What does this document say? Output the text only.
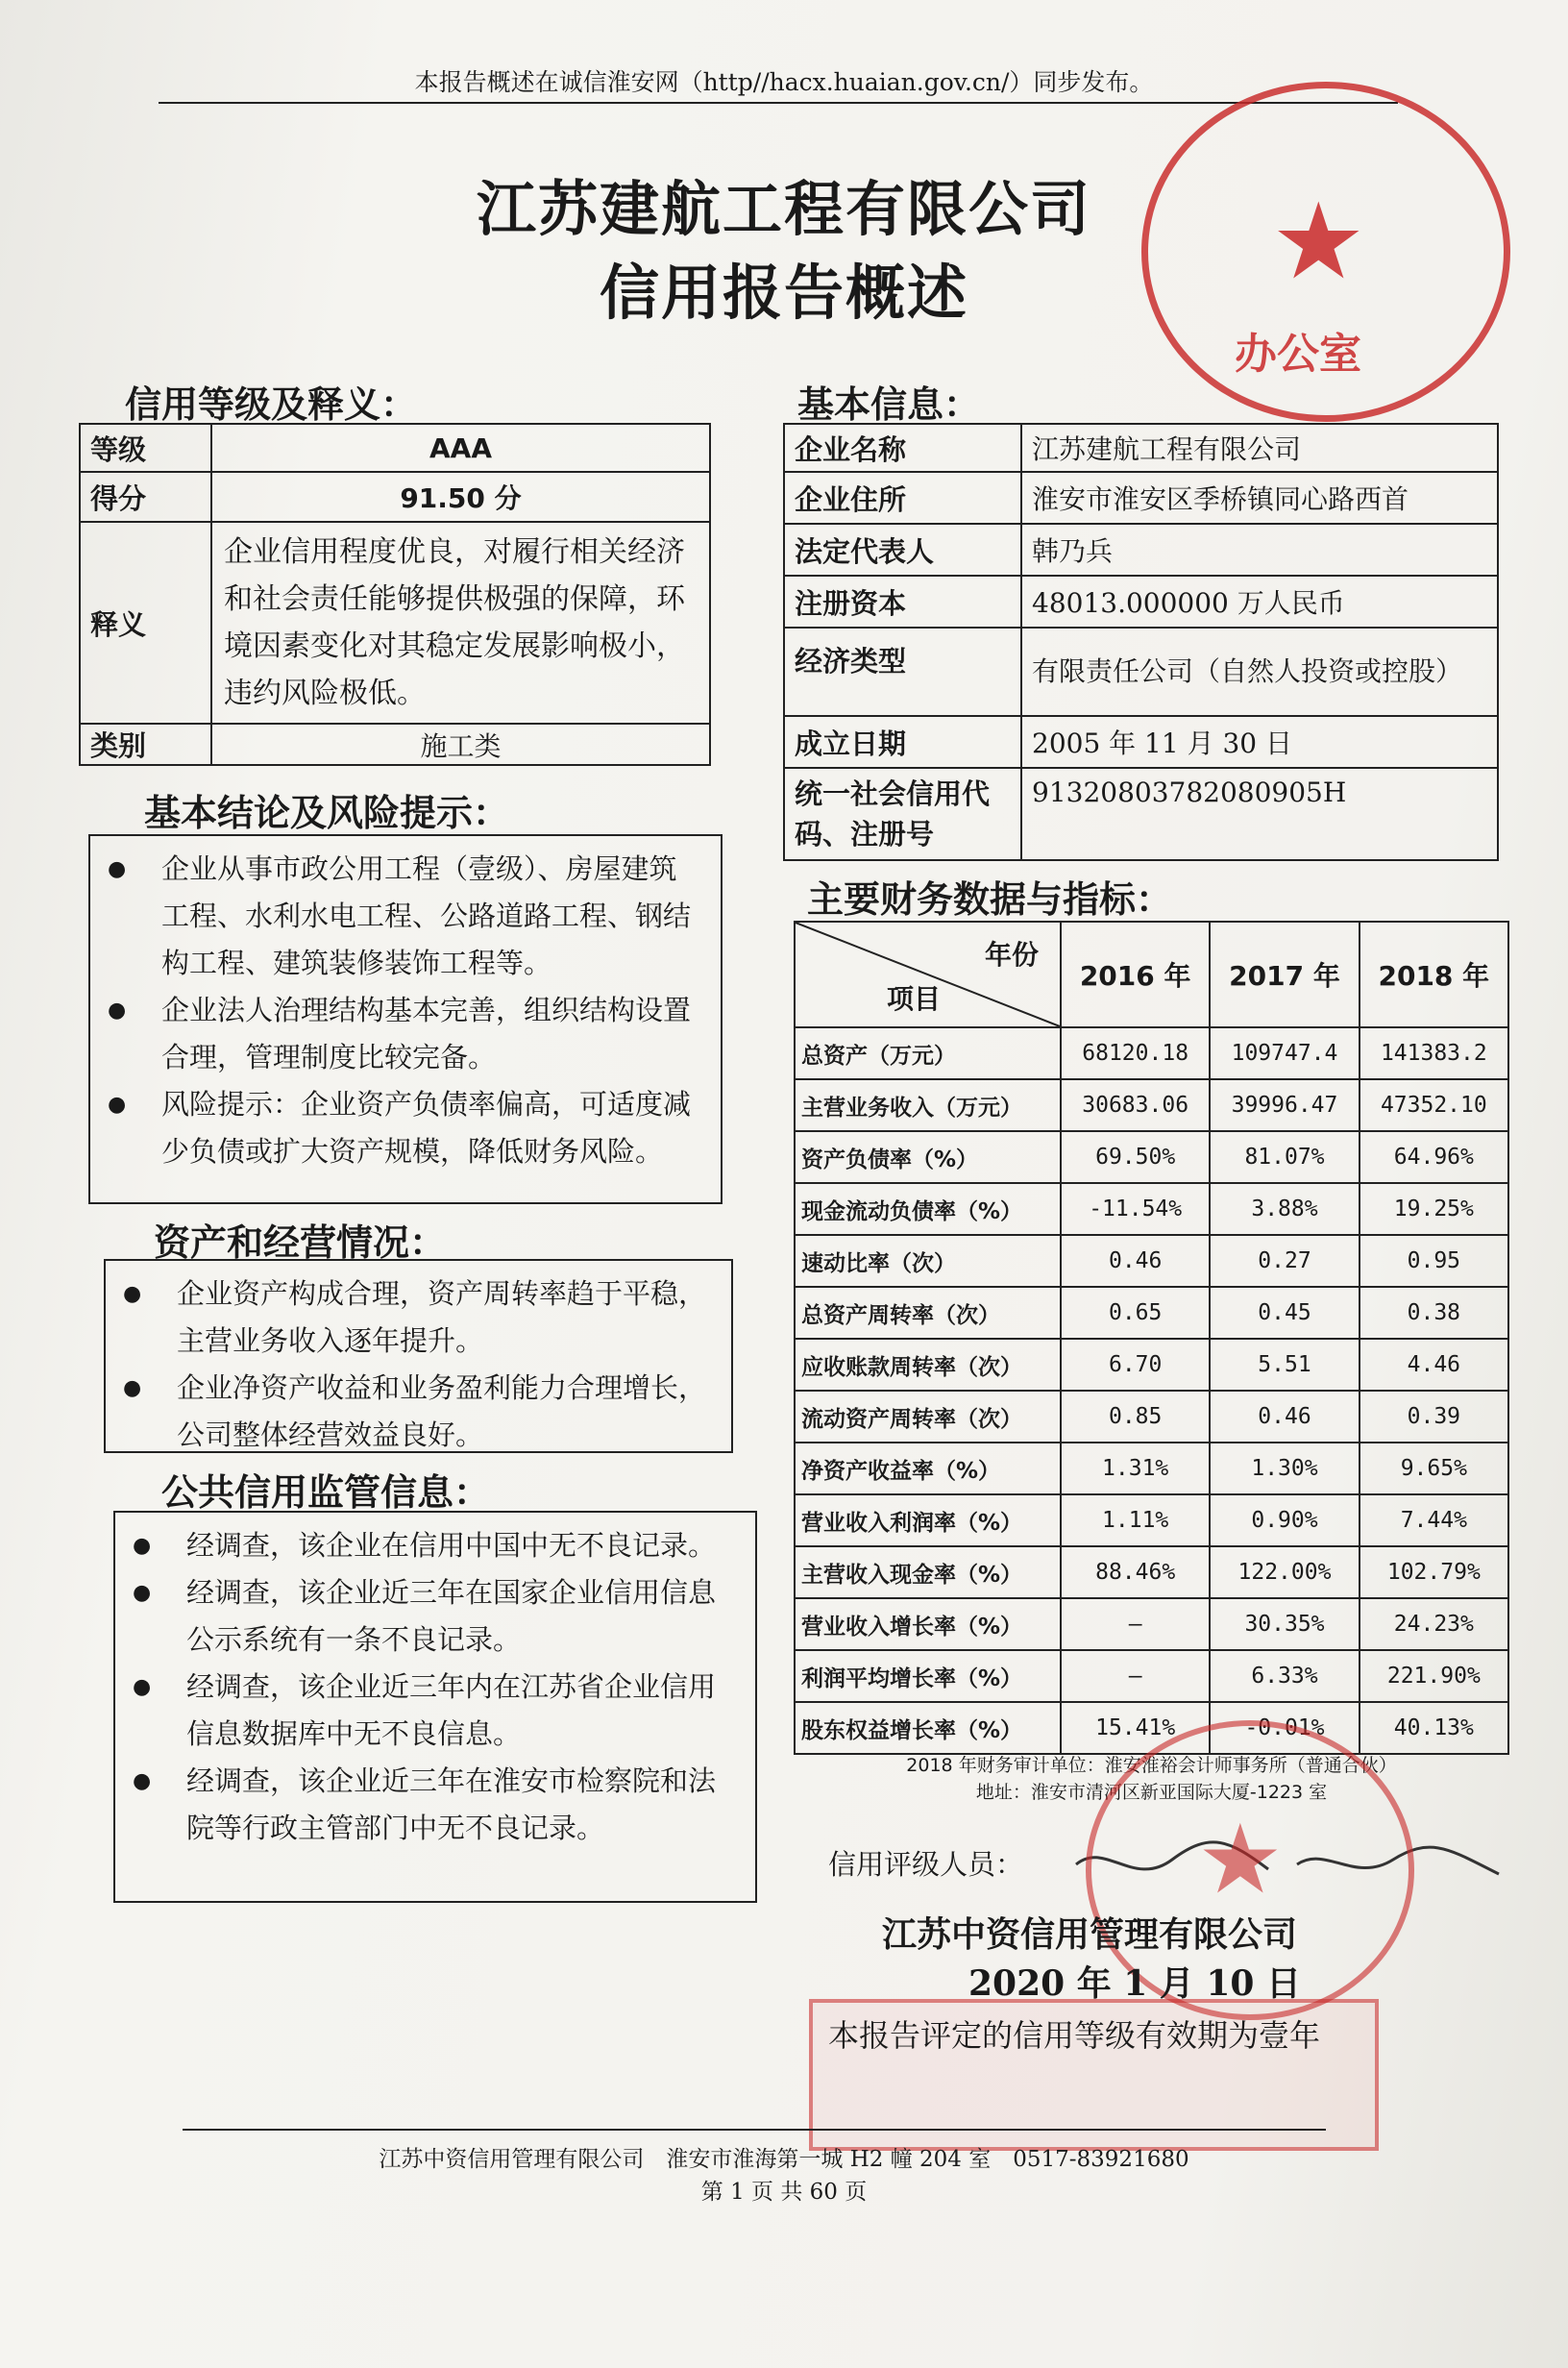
本报告概述在诚信淮安网（http//hacx.huaian.gov.cn/）同步发布。
江苏建航工程有限公司
信用报告概述	★
办公室
信用等级及释义：
等级	AAA
得分	91.50 分
释义	企业信用程度优良，对履行相关经济和社会责任能够提供极强的保障，环境因素变化对其稳定发展影响极小，违约风险极低。
类别	施工类
基本信息：
企业名称	江苏建航工程有限公司
企业住所	淮安市淮安区季桥镇同心路西首
法定代表人	韩乃兵
注册资本	48013.000000 万人民币
经济类型	有限责任公司（自然人投资或控股）
成立日期	2005 年 11 月 30 日
统一社会信用代码、注册号	91320803782080905H
基本结论及风险提示：
●	企业从事市政公用工程（壹级）、房屋建筑工程、水利水电工程、公路道路工程、钢结构工程、建筑装修装饰工程等。
●	企业法人治理结构基本完善，组织结构设置合理，管理制度比较完备。
●	风险提示：企业资产负债率偏高，可适度减少负债或扩大资产规模，降低财务风险。
资产和经营情况：
●	企业资产构成合理，资产周转率趋于平稳，主营业务收入逐年提升。
●	企业净资产收益和业务盈利能力合理增长，公司整体经营效益良好。
公共信用监管信息：
●	经调查，该企业在信用中国中无不良记录。
●	经调查，该企业近三年在国家企业信用信息公示系统有一条不良记录。
●	经调查，该企业近三年内在江苏省企业信用信息数据库中无不良信息。
●	经调查，该企业近三年在淮安市检察院和法院等行政主管部门中无不良记录。
主要财务数据与指标：
年份
项目	2016 年	2017 年	2018 年
总资产（万元）	68120.18	109747.4	141383.2
主营业务收入（万元）	30683.06	39996.47	47352.10
资产负债率（%）	69.50%	81.07%	64.96%
现金流动负债率（%）	-11.54%	3.88%	19.25%
速动比率（次）	0.46	0.27	0.95
总资产周转率（次）	0.65	0.45	0.38
应收账款周转率（次）	6.70	5.51	4.46
流动资产周转率（次）	0.85	0.46	0.39
净资产收益率（%）	1.31%	1.30%	9.65%
营业收入利润率（%）	1.11%	0.90%	7.44%
主营收入现金率（%）	88.46%	122.00%	102.79%
营业收入增长率（%）	–	30.35%	24.23%
利润平均增长率（%）	–	6.33%	221.90%
股东权益增长率（%）	15.41%	-0.01%	40.13%
2018 年财务审计单位：淮安淮裕会计师事务所（普通合伙）
地址：淮安市清河区新亚国际大厦-1223 室
信用评级人员： ★
江苏中资信用管理有限公司
2020 年 1 月 10 日
本报告评定的信用等级有效期为壹年
江苏中资信用管理有限公司　淮安市淮海第一城 H2 幢 204 室　0517-83921680
第 1 页 共 60 页
